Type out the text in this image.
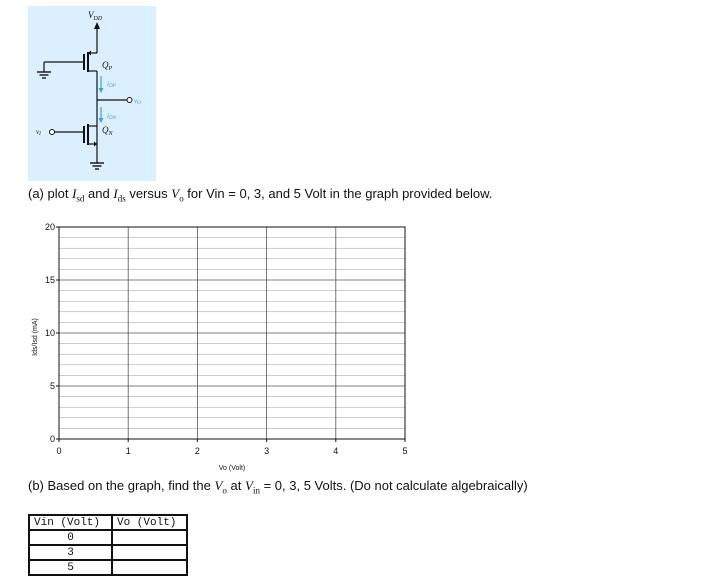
$V_{DD}$
$Q_P$
iDP
vO
iDN
$Q_N$
vI
(a) plot $I_{sd}$ and $I_{ds}$ versus $V_o$ for Vin = 0, 3, and 5 Volt in the graph provided below.
0	1	2	3	4	5
0
5
10
15
20
Vo (Volt)
Ids/Isd (mA)
(b) Based on the graph, find the $V_o$ at $V_{in} = 0$, 3, 5 Volts. (Do not calculate algebraically)
Vin (Volt)	Vo (Volt)
0	
3	
5	
